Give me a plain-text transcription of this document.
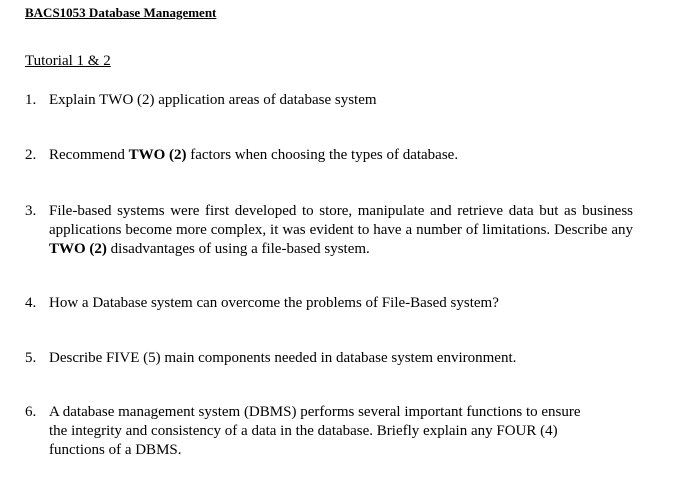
BACS1053 Database Management
Tutorial 1 & 2
1. Explain TWO (2) application areas of database system
2. Recommend TWO (2) factors when choosing the types of database.
3. File-based systems were first developed to store, manipulate and retrieve data but as business applications become more complex, it was evident to have a number of limitations. Describe any TWO (2) disadvantages of using a file-based system.
4. How a Database system can overcome the problems of File-Based system?
5. Describe FIVE (5) main components needed in database system environment.
6. A database management system (DBMS) performs several important functions to ensure
the integrity and consistency of a data in the database. Briefly explain any FOUR (4)
functions of a DBMS.
